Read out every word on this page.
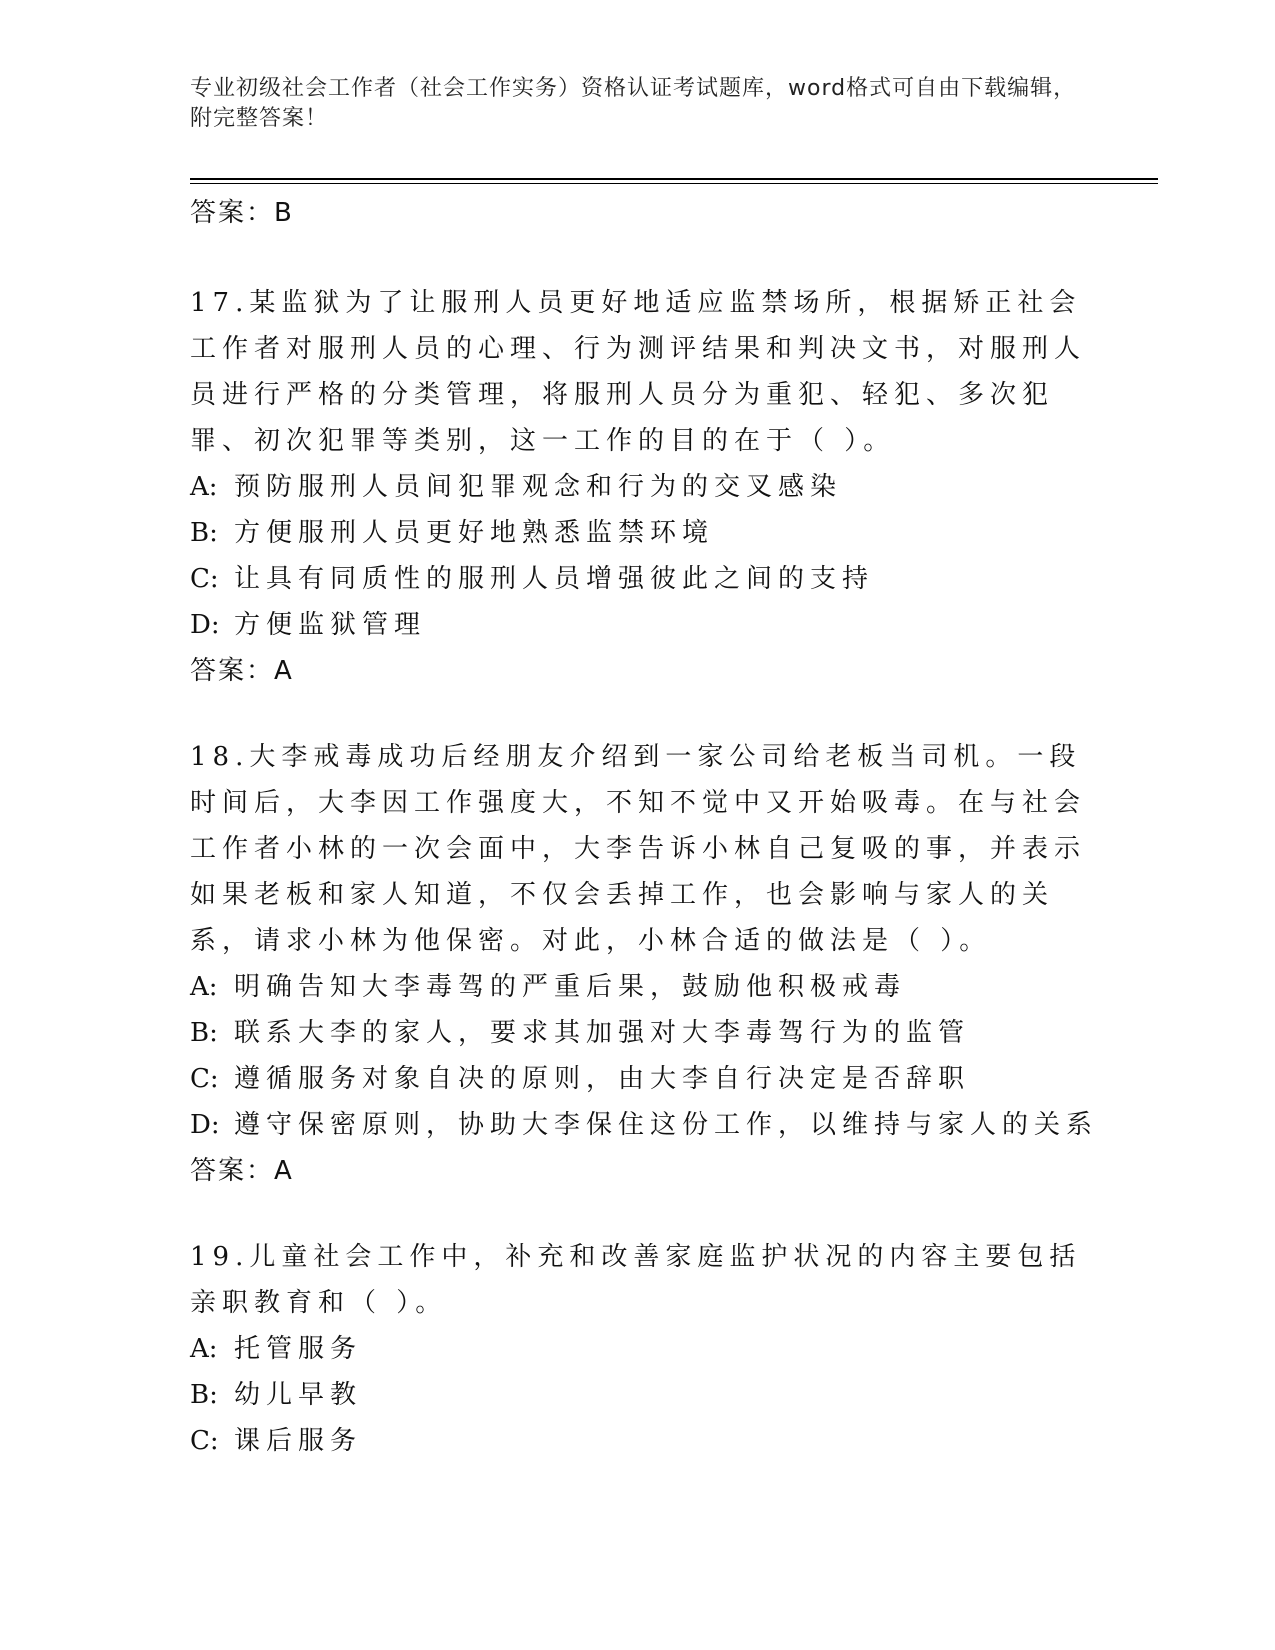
专业初级社会工作者（社会工作实务）资格认证考试题库，word格式可自由下载编辑，附完整答案！

答案：B

17.某监狱为了让服刑人员更好地适应监禁场所，根据矫正社会工作者对服刑人员的心理、行为测评结果和判决文书，对服刑人员进行严格的分类管理，将服刑人员分为重犯、轻犯、多次犯罪、初次犯罪等类别，这一工作的目的在于（ ）。

A: 预防服刑人员间犯罪观念和行为的交叉感染

B: 方便服刑人员更好地熟悉监禁环境

C: 让具有同质性的服刑人员增强彼此之间的支持

D: 方便监狱管理

答案：A

18.大李戒毒成功后经朋友介绍到一家公司给老板当司机。一段时间后，大李因工作强度大，不知不觉中又开始吸毒。在与社会工作者小林的一次会面中，大李告诉小林自己复吸的事，并表示如果老板和家人知道，不仅会丢掉工作，也会影响与家人的关系，请求小林为他保密。对此，小林合适的做法是（ ）。

A: 明确告知大李毒驾的严重后果，鼓励他积极戒毒

B: 联系大李的家人，要求其加强对大李毒驾行为的监管

C: 遵循服务对象自决的原则，由大李自行决定是否辞职

D: 遵守保密原则，协助大李保住这份工作，以维持与家人的关系

答案：A

19.儿童社会工作中，补充和改善家庭监护状况的内容主要包括亲职教育和（ ）。

A: 托管服务

B: 幼儿早教

C: 课后服务
